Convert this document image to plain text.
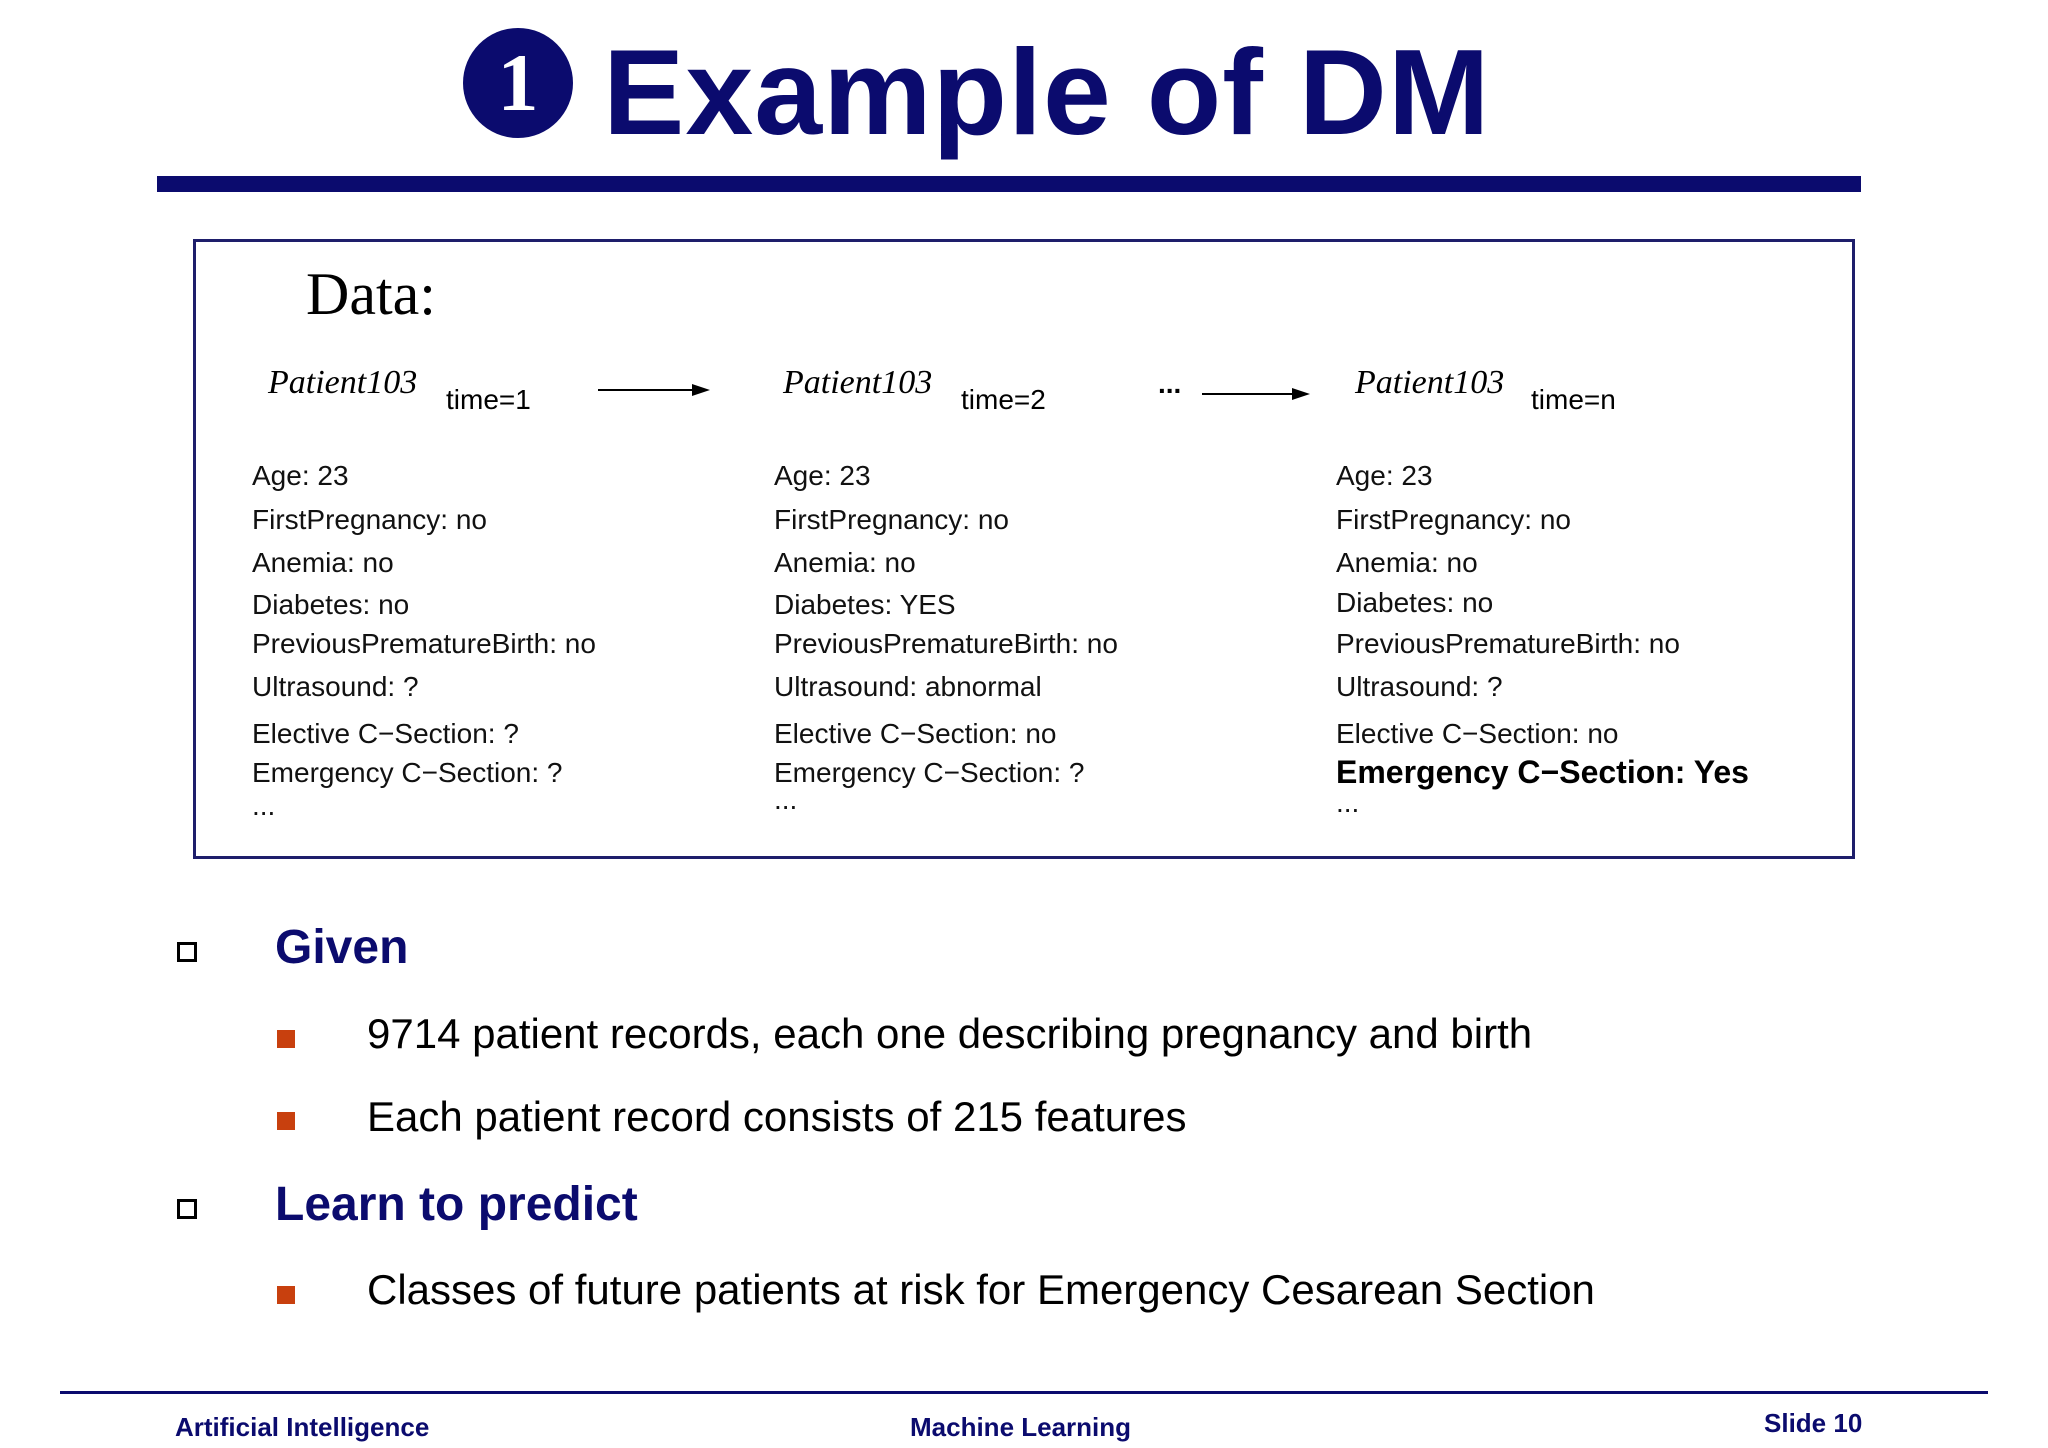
1 Example of DM
Data:
Patient103 time=1
Age: 23
FirstPregnancy: no
Anemia: no
Diabetes: no
PreviousPrematureBirth: no
Ultrasound: ?
Elective C−Section: ?
Emergency C−Section: ?
...
Patient103 time=2
Age: 23
FirstPregnancy: no
Anemia: no
Diabetes: YES
PreviousPrematureBirth: no
Ultrasound: abnormal
Elective C−Section: no
Emergency C−Section: ?
...
...	Patient103 time=n
Age: 23
FirstPregnancy: no
Anemia: no
Diabetes: no
PreviousPrematureBirth: no
Ultrasound: ?
Elective C−Section: no
Emergency C−Section: Yes
...
Given
9714 patient records, each one describing pregnancy and birth
Each patient record consists of 215 features
Learn to predict
Classes of future patients at risk for Emergency Cesarean Section
Artificial Intelligence	Machine Learning	Slide 10
